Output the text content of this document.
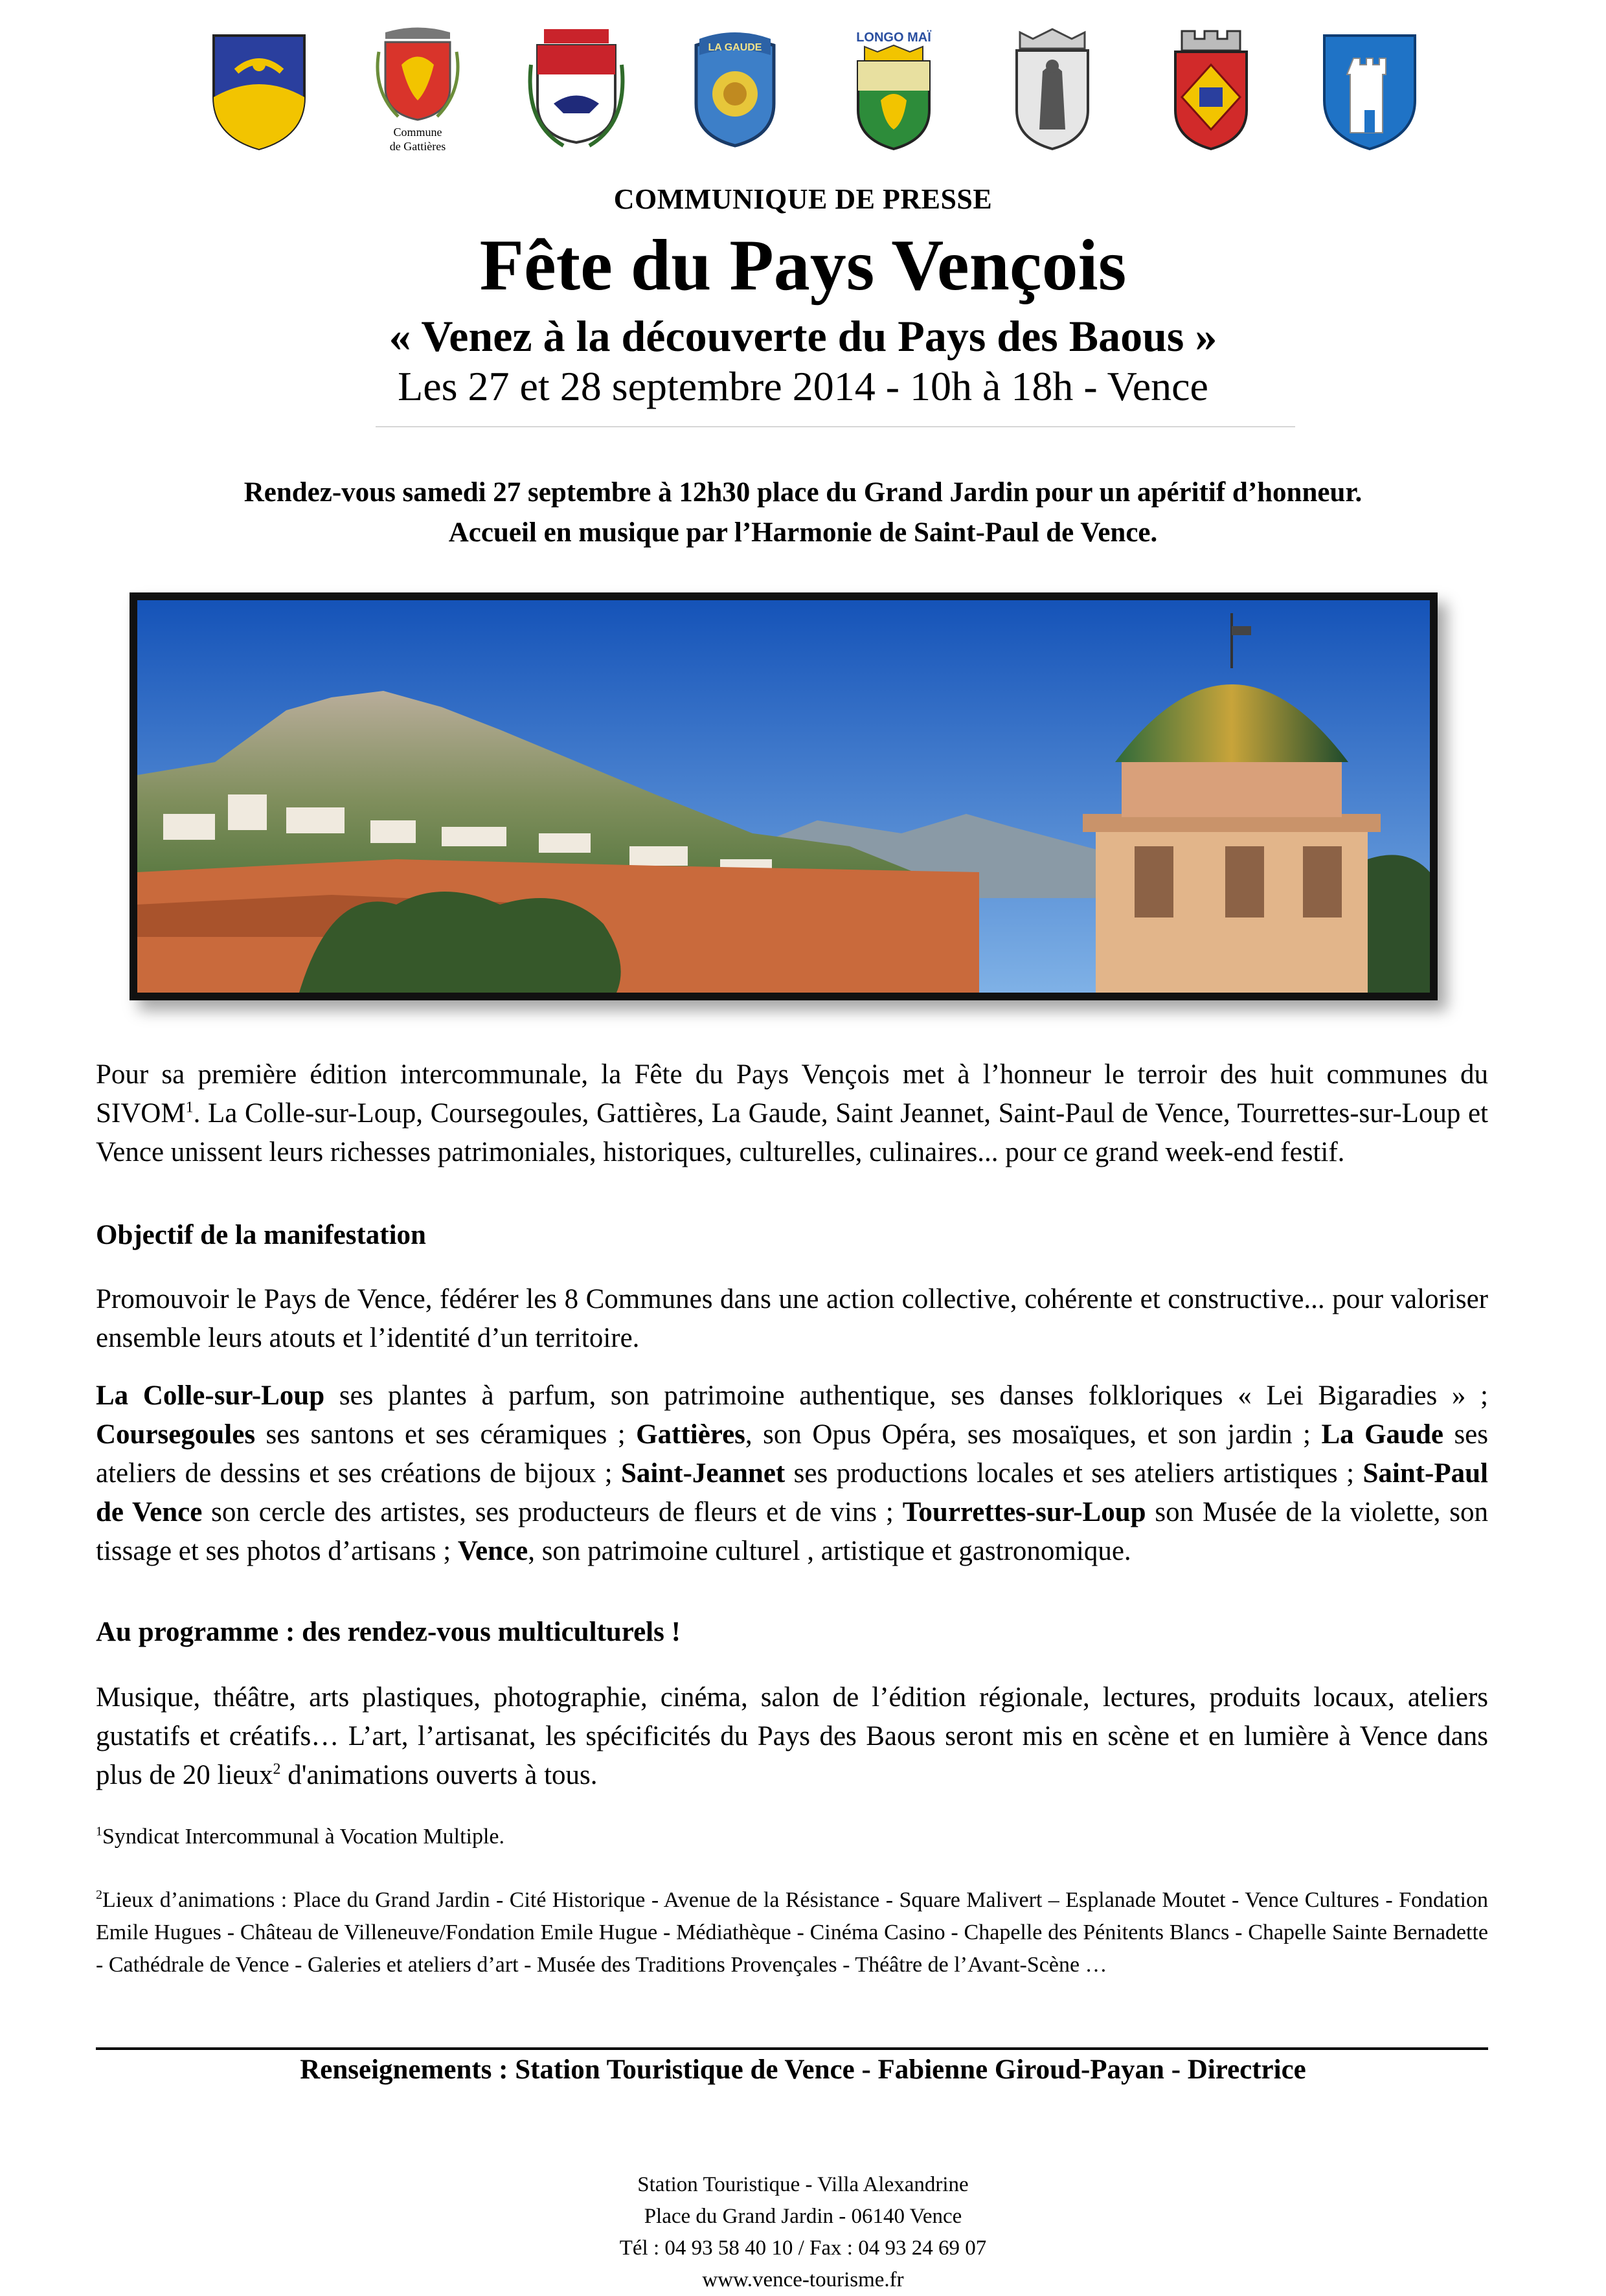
Commune
de Gattières
LA GAUDE
LONGO MAÏ
COMMUNIQUE DE PRESSE
Fête du Pays Vençois
« Venez à la découverte du Pays des Baous »
Les 27 et 28 septembre 2014 - 10h à 18h - Vence
Rendez-vous samedi 27 septembre à 12h30 place du Grand Jardin pour un apéritif d’honneur.
Accueil en musique par l’Harmonie de Saint-Paul de Vence.
Pour sa première édition intercommunale, la Fête du Pays Vençois met à l’honneur le terroir des huit communes du SIVOM$^1$. La Colle-sur-Loup, Coursegoules, Gattières, La Gaude, Saint Jeannet, Saint-Paul de Vence, Tourrettes-sur-Loup et Vence unissent leurs richesses patrimoniales, historiques, culturelles, culinaires... pour ce grand week-end festif.
Objectif de la manifestation
Promouvoir le Pays de Vence, fédérer les 8 Communes dans une action collective, cohérente et constructive... pour valoriser ensemble leurs atouts et l’identité d’un territoire.
La Colle-sur-Loup ses plantes à parfum, son patrimoine authentique, ses danses folkloriques « Lei Bigaradies » ; Coursegoules ses santons et ses céramiques ; Gattières, son Opus Opéra, ses mosaïques, et son jardin ; La Gaude ses ateliers de dessins et ses créations de bijoux ; Saint-Jeannet ses productions locales et ses ateliers artistiques ; Saint-Paul de Vence son cercle des artistes, ses producteurs de fleurs et de vins ; Tourrettes-sur-Loup son Musée de la violette, son tissage et ses photos d’artisans ; Vence, son patrimoine culturel , artistique et gastronomique.
Au programme : des rendez-vous multiculturels !
Musique, théâtre, arts plastiques, photographie, cinéma, salon de l’édition régionale, lectures, produits locaux, ateliers gustatifs et créatifs… L’art, l’artisanat, les spécificités du Pays des Baous seront mis en scène et en lumière à Vence dans plus de 20 lieux$^2$ d'animations ouverts à tous.
$^1$Syndicat Intercommunal à Vocation Multiple.
$^2$Lieux d’animations : Place du Grand Jardin - Cité Historique - Avenue de la Résistance - Square Malivert – Esplanade Moutet - Vence Cultures - Fondation Emile Hugues - Château de Villeneuve/Fondation Emile Hugue - Médiathèque - Cinéma Casino - Chapelle des Pénitents Blancs - Chapelle Sainte Bernadette - Cathédrale de Vence - Galeries et ateliers d’art - Musée des Traditions Provençales - Théâtre de l’Avant-Scène …
Renseignements : Station Touristique de Vence - Fabienne Giroud-Payan - Directrice
Station Touristique - Villa Alexandrine
Place du Grand Jardin - 06140 Vence
Tél : 04 93 58 40 10 / Fax : 04 93 24 69 07
www.vence-tourisme.fr
